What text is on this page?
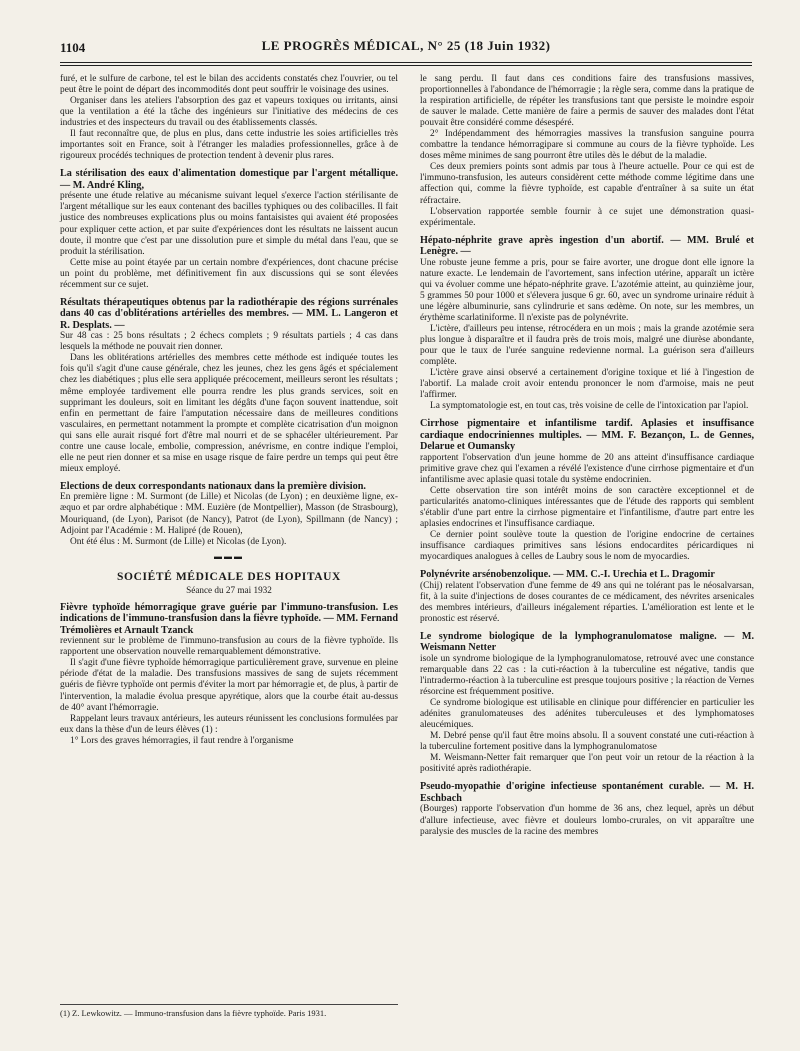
1104	LE PROGRÈS MÉDICAL, N° 25 (18 Juin 1932)

furé, et le sulfure de carbone, tel est le bilan des accidents constatés chez l'ouvrier, ou tel peut être le point de départ des incommodités dont peut souffrir le voisinage des usines.

Organiser dans les ateliers l'absorption des gaz et vapeurs toxiques ou irritants, ainsi que la ventilation a été la tâche des ingénieurs sur l'initiative des médecins de ces industries et des inspecteurs du travail ou des établissements classés.

Il faut reconnaître que, de plus en plus, dans cette industrie les soies artificielles très importantes soit en France, soit à l'étranger les maladies professionnelles, grâce à de rigoureux procédés techniques de protection tendent à devenir plus rares.

La stérilisation des eaux d'alimentation domestique par l'argent métallique. — M. André Kling,

présente une étude relative au mécanisme suivant lequel s'exerce l'action stérilisante de l'argent métallique sur les eaux contenant des bacilles typhiques ou des colibacilles. Il fait justice des nombreuses explications plus ou moins fantaisistes qui avaient été proposées pour expliquer cette action, et par suite d'expériences dont les résultats ne laissent aucun doute, il montre que c'est par une dissolution pure et simple du métal dans l'eau, que se produit la stérilisation.

Cette mise au point étayée par un certain nombre d'expériences, dont chacune précise un point du problème, met définitivement fin aux discussions qui se sont élevées récemment sur ce sujet.

Résultats thérapeutiques obtenus par la radiothérapie des régions surrénales dans 40 cas d'oblitérations artérielles des membres. — MM. L. Langeron et R. Desplats. —

Sur 48 cas : 25 bons résultats ; 2 échecs complets ; 9 résultats partiels ; 4 cas dans lesquels la méthode ne pouvait rien donner.

Dans les oblitérations artérielles des membres cette méthode est indiquée toutes les fois qu'il s'agit d'une cause générale, chez les jeunes, chez les gens âgés et spécialement chez les diabétiques ; plus elle sera appliquée précocement, meilleurs seront les résultats ; même employée tardivement elle pourra rendre les plus grands services, soit en supprimant les douleurs, soit en limitant les dégâts d'une façon souvent inattendue, soit enfin en permettant de faire l'amputation nécessaire dans de meilleures conditions vasculaires, en permettant notamment la prompte et complète cicatrisation d'un moignon qui sans elle aurait risqué fort d'être mal nourri et de se sphacéler ultérieurement. Par contre une cause locale, embolie, compression, anévrisme, en contre indique l'emploi, elle ne peut rien donner et sa mise en usage risque de faire perdre un temps qui peut être mieux employé.

Elections de deux correspondants nationaux dans la première division.

En première ligne : M. Surmont (de Lille) et Nicolas (de Lyon) ; en deuxième ligne, ex-æquo et par ordre alphabétique : MM. Euzière (de Montpellier), Masson (de Strasbourg), Mouriquand, (de Lyon), Parisot (de Nancy), Patrot (de Lyon), Spillmann (de Nancy) ; Adjoint par l'Académie : M. Halipré (de Rouen),

Ont été élus : M. Surmont (de Lille) et Nicolas (de Lyon).

▬▬▬
SOCIÉTÉ MÉDICALE DES HOPITAUX
Séance du 27 mai 1932
Fièvre typhoïde hémorragique grave guérie par l'immuno-transfusion. Les indications de l'immuno-transfusion dans la fièvre typhoïde. — MM. Fernand Trémolières et Arnault Tzanck

reviennent sur le problème de l'immuno-transfusion au cours de la fièvre typhoïde. Ils rapportent une observation nouvelle remarquablement démonstrative.

Il s'agit d'une fièvre typhoïde hémorragique particulièrement grave, survenue en pleine période d'état de la maladie. Des transfusions massives de sang de sujets récemment guéris de fièvre typhoïde ont permis d'éviter la mort par hémorragie et, de plus, à partir de l'intervention, la maladie évolua presque apyrétique, alors que la courbe était au-dessus de 40° avant l'hémorragie.

Rappelant leurs travaux antérieurs, les auteurs réunissent les conclusions formulées par eux dans la thèse d'un de leurs élèves (1) :

1° Lors des graves hémorragies, il faut rendre à l'organisme

le sang perdu. Il faut dans ces conditions faire des transfusions massives, proportionnelles à l'abondance de l'hémorragie ; la règle sera, comme dans la pratique de la respiration artificielle, de répéter les transfusions tant que persiste le moindre espoir de sauver le malade. Cette manière de faire a permis de sauver des malades dont l'état pouvait être considéré comme désespéré.

2° Indépendamment des hémorragies massives la transfusion sanguine pourra combattre la tendance hémorragipare si commune au cours de la fièvre typhoïde. Les doses même minimes de sang pourront être utiles dès le début de la maladie.

Ces deux premiers points sont admis par tous à l'heure actuelle. Pour ce qui est de l'immuno-transfusion, les auteurs considèrent cette méthode comme légitime dans une affection qui, comme la fièvre typhoïde, est capable d'entraîner à sa suite un état réfractaire.

L'observation rapportée semble fournir à ce sujet une démonstration quasi-expérimentale.

Hépato-néphrite grave après ingestion d'un abortif. — MM. Brulé et Lenègre. —

Une robuste jeune femme a pris, pour se faire avorter, une drogue dont elle ignore la nature exacte. Le lendemain de l'avortement, sans infection utérine, apparaît un ictère qui va évoluer comme une hépato-néphrite grave. L'azotémie atteint, au quinzième jour, 5 grammes 50 pour 1000 et s'élevera jusque 6 gr. 60, avec un syndrome urinaire réduit à une légère albuminurie, sans cylindrurie et sans œdème. On note, sur les membres, un érythème scarlatiniforme. Il n'existe pas de polynévrite.

L'ictère, d'ailleurs peu intense, rétrocédera en un mois ; mais la grande azotémie sera plus longue à disparaître et il faudra près de trois mois, malgré une diurèse abondante, pour que le taux de l'urée sanguine redevienne normal. La guérison sera d'ailleurs complète.

L'ictère grave ainsi observé a certainement d'origine toxique et lié à l'ingestion de l'abortif. La malade croit avoir entendu prononcer le nom d'armoise, mais ne peut l'affirmer.

La symptomatologie est, en tout cas, très voisine de celle de l'intoxication par l'apiol.

Cirrhose pigmentaire et infantilisme tardif. Aplasies et insuffisance cardiaque endocriniennes multiples. — MM. F. Bezançon, L. de Gennes, Delarue et Oumansky

rapportent l'observation d'un jeune homme de 20 ans atteint d'insuffisance cardiaque primitive grave chez qui l'examen a révélé l'existence d'une cirrhose pigmentaire et d'un infantilisme avec aplasie quasi totale du système endocrinien.

Cette observation tire son intérêt moins de son caractère exceptionnel et de particularités anatomo-cliniques intéressantes que de l'étude des rapports qui semblent s'établir d'une part entre la cirrhose pigmentaire et l'infantilisme, d'autre part entre les aplasies endocrines et l'insuffisance cardiaque.

Ce dernier point soulève toute la question de l'origine endocrine de certaines insuffisance cardiaques primitives sans lésions endocardites péricardiques ni myocardiques analogues à celles de Laubry sous le nom de myocardies.

Polynévrite arsénobenzolique. — MM. C.-I. Urechia et L. Dragomir

(Chij) relatent l'observation d'une femme de 49 ans qui ne tolérant pas le néosalvarsan, fit, à la suite d'injections de doses courantes de ce médicament, des névrites arsenicales des membres intérieurs, d'ailleurs inégalement réparties. L'amélioration est lente et le pronostic est réservé.

Le syndrome biologique de la lymphogranulomatose maligne. — M. Weismann Netter

isole un syndrome biologique de la lymphogranulomatose, retrouvé avec une constance remarquable dans 22 cas : la cuti-réaction à la tuberculine est négative, tandis que l'intradermo-réaction à la tuberculine est presque toujours positive ; la réaction de Vernes résorcine est fréquemment positive.

Ce syndrome biologique est utilisable en clinique pour différencier en particulier les adénites granulomateuses des adénites tuberculeuses et des lymphomatoses aleucémiques.

M. Debré pense qu'il faut être moins absolu. Il a souvent constaté une cuti-réaction à la tuberculine fortement positive dans la lymphogranulomatose

M. Weismann-Netter fait remarquer que l'on peut voir un retour de la réaction à la positivité après radiothérapie.

Pseudo-myopathie d'origine infectieuse spontanément curable. — M. H. Eschbach

(Bourges) rapporte l'observation d'un homme de 36 ans, chez lequel, après un début d'allure infectieuse, avec fièvre et douleurs lombo-crurales, on vit apparaître une paralysie des muscles de la racine des membres

(1) Z. Lewkowitz. — Immuno-transfusion dans la fièvre typhoïde. Paris 1931.
